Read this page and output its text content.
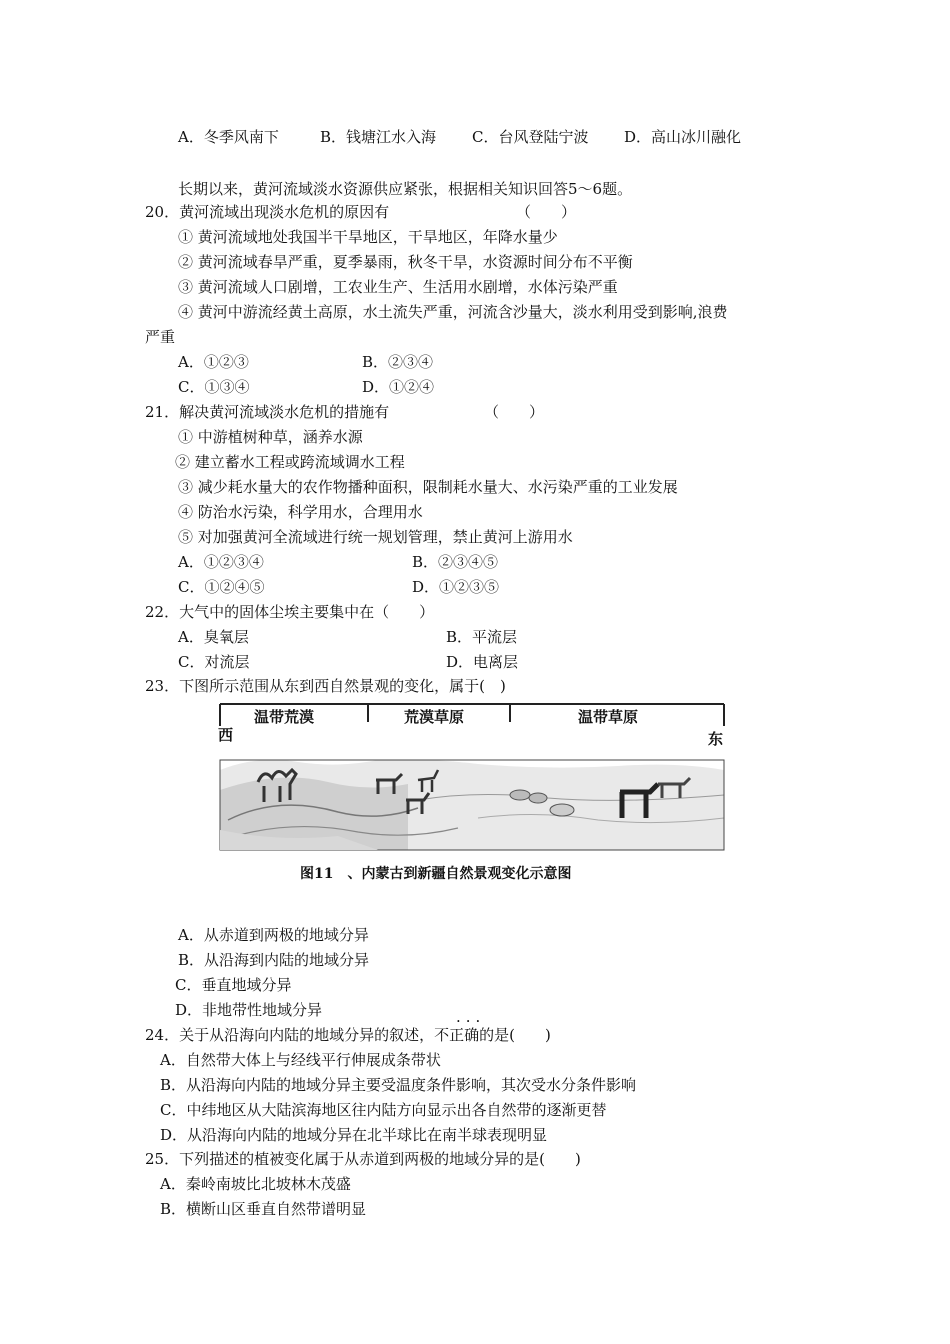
A．冬季风南下	B．钱塘江水入海 C．台风登陆宁波 D．高山冰川融化
长期以来，黄河流域淡水资源供应紧张，根据相关知识回答5～6题。
20．黄河流域出现淡水危机的原因有	（　　）
① 黄河流域地处我国半干旱地区，干旱地区，年降水量少
② 黄河流域春旱严重，夏季暴雨，秋冬干旱，水资源时间分布不平衡
③ 黄河流域人口剧增，工农业生产、生活用水剧增，水体污染严重
④ 黄河中游流经黄土高原，水土流失严重，河流含沙量大，淡水利用受到影响,浪费
严重
A．①②③	B．②③④
C．①③④	D．①②④
21．解决黄河流域淡水危机的措施有	（　　）
① 中游植树种草，涵养水源
② 建立蓄水工程或跨流域调水工程
③ 减少耗水量大的农作物播种面积，限制耗水量大、水污染严重的工业发展
④ 防治水污染，科学用水，合理用水
⑤ 对加强黄河全流域进行统一规划管理，禁止黄河上游用水
A．①②③④	B．②③④⑤
C．①②④⑤	D．①②③⑤
22．大气中的固体尘埃主要集中在（　　）
A．臭氧层	B．平流层
C．对流层	D．电离层
23．下图所示范围从东到西自然景观的变化，属于(　)
温带荒漠	荒漠草原	温带草原
西	东
图11　、内蒙古到新疆自然景观变化示意图
A．从赤道到两极的地域分异
B．从沿海到内陆的地域分异
C．垂直地域分异
D．非地带性地域分异
···
24．关于从沿海向内陆的地域分异的叙述，不正确的是(　　)
A．自然带大体上与经线平行伸展成条带状
B．从沿海向内陆的地域分异主要受温度条件影响，其次受水分条件影响
C．中纬地区从大陆滨海地区往内陆方向显示出各自然带的逐渐更替
D．从沿海向内陆的地域分异在北半球比在南半球表现明显
25．下列描述的植被变化属于从赤道到两极的地域分异的是(　　)
A．秦岭南坡比北坡林木茂盛
B．横断山区垂直自然带谱明显
